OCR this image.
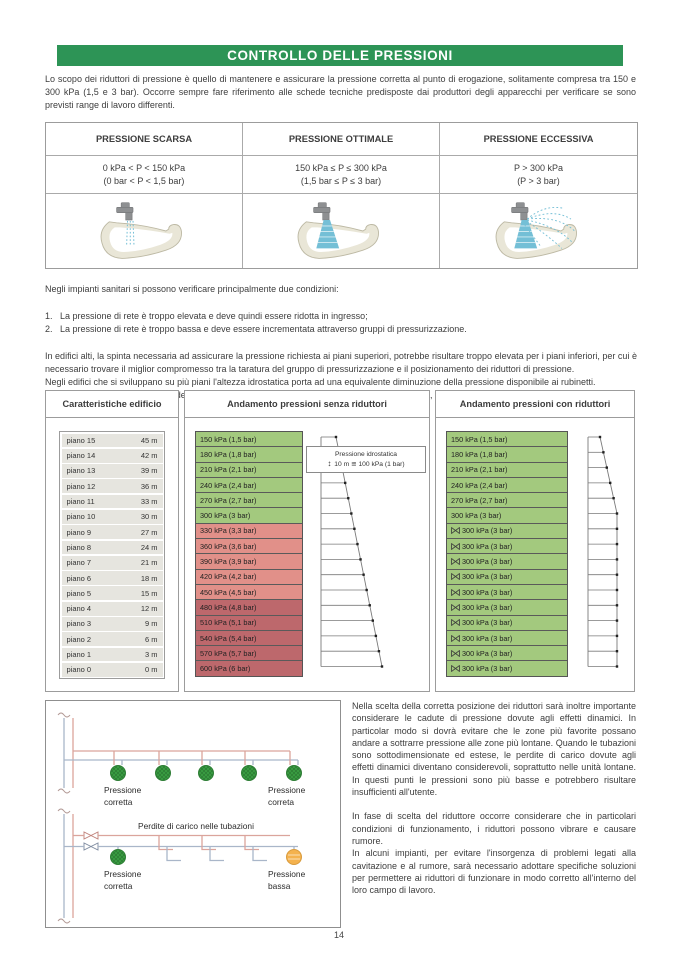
CONTROLLO DELLE PRESSIONI
Lo scopo dei riduttori di pressione è quello di mantenere e assicurare la pressione corretta al punto di erogazione, solitamente compresa tra 150 e 300 kPa (1,5 e 3 bar). Occorre sempre fare riferimento alle schede tecniche predisposte dai produttori degli apparecchi per verificare se sono previsti range di lavoro differenti.
PRESSIONE SCARSA	PRESSIONE OTTIMALE	PRESSIONE ECCESSIVA
0 kPa < P < 150 kPa
(0 bar < P < 1,5 bar)
150 kPa ≤ P ≤ 300 kPa
(1,5 bar ≤ P ≤ 3 bar)
P > 300 kPa
(P > 3 bar)

Negli impianti sanitari si possono verificare principalmente due condizioni:

1. La pressione di rete è troppo elevata e deve quindi essere ridotta in ingresso;
2. La pressione di rete è troppo bassa e deve essere incrementata attraverso gruppi di pressurizzazione.

In edifici alti, la spinta necessaria ad assicurare la pressione richiesta ai piani superiori, potrebbe risultare troppo elevata per i piani inferiori, per cui è necessario trovare il miglior compromesso tra la taratura del gruppo di pressurizzazione e il posizionamento dei riduttori di pressione.

Negli edifici che si sviluppano su più piani l'altezza idrostatica porta ad una equivalente diminuzione della pressione disponibile ai rubinetti.

Caratteristiche edificio
piano 15	45 m
piano 14	42 m
piano 13	39 m
piano 12	36 m
piano 11	33 m
piano 10	30 m
piano 9	27 m
piano 8	24 m
piano 7	21 m
piano 6	18 m
piano 5	15 m
piano 4	12 m
piano 3	9 m
piano 2	6 m
piano 1	3 m
piano 0	0 m
Andamento pressioni senza riduttori
150 kPa (1,5 bar)
180 kPa (1,8 bar)
210 kPa (2,1 bar)
240 kPa (2,4 bar)
270 kPa (2,7 bar)
300 kPa (3 bar)
330 kPa (3,3 bar)
360 kPa (3,6 bar)
390 kPa (3,9 bar)
420 kPa (4,2 bar)
450 kPa (4,5 bar)
480 kPa (4,8 bar)
510 kPa (5,1 bar)
540 kPa (5,4 bar)
570 kPa (5,7 bar)
600 kPa (6 bar)
Pressione idrostatica
↕ 10 m ≅ 100 kPa (1 bar)
Andamento pressioni con riduttori
150 kPa (1,5 bar)
180 kPa (1,8 bar)
210 kPa (2,1 bar)
240 kPa (2,4 bar)
270 kPa (2,7 bar)
300 kPa (3 bar)
300 kPa (3 bar)
300 kPa (3 bar)
300 kPa (3 bar)
300 kPa (3 bar)
300 kPa (3 bar)
300 kPa (3 bar)
300 kPa (3 bar)
300 kPa (3 bar)
300 kPa (3 bar)
300 kPa (3 bar)
Pressione
corretta
Pressione
correta
Perdite di carico nelle tubazioni
Pressione
corretta
Pressione
bassa

Nella scelta della corretta posizione dei riduttori sarà inoltre importante considerare le cadute di pressione dovute agli effetti dinamici. In particolar modo si dovrà evitare che le zone più favorite possano andare a sottrarre pressione alle zone più lontane. Quando le tubazioni sono sottodimensionate ed estese, le perdite di carico dovute agli effetti dinamici diventano considerevoli, soprattutto nelle unità lontane. In questi punti le pressioni sono più basse e potrebbero risultare insufficienti all'utente.

In fase di scelta del riduttore occorre considerare che in particolari condizioni di funzionamento, i riduttori possono vibrare e causare rumore.

In alcuni impianti, per evitare l'insorgenza di problemi legati alla cavitazione e al rumore, sarà necessario adottare specifiche soluzioni per permettere ai riduttori di funzionare in modo corretto all'interno del loro campo di lavoro.

14
